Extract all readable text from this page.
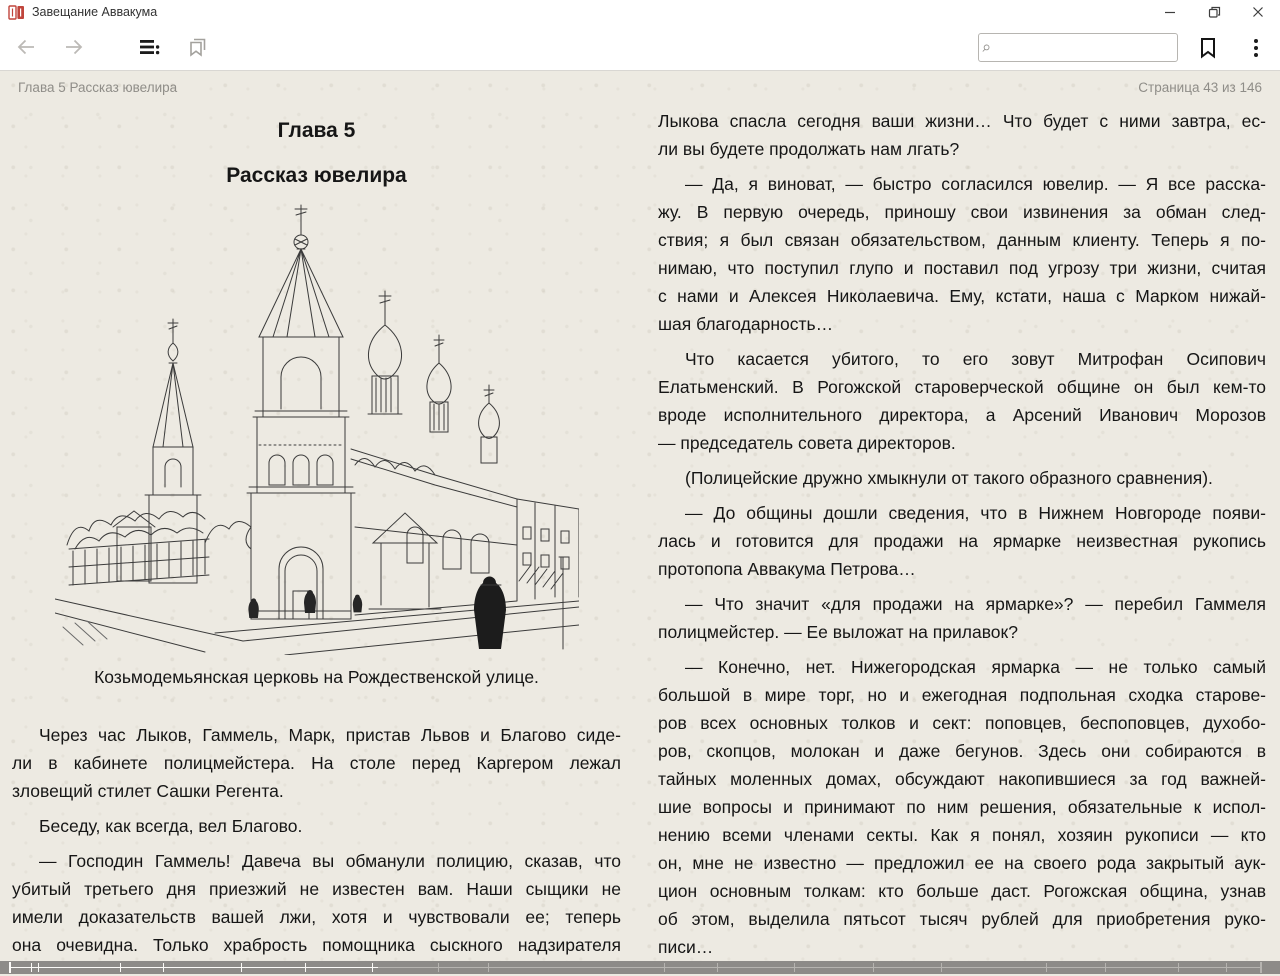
Завещание Аввакума
Глава 5 Рассказ ювелира	Страница 43 из 146
Глава 5
Рассказ ювелира
Козьмодемьянская церковь на Рождественской улице.
Через час Лыков, Гаммель, Марк, пристав Львов и Благово сиде-
ли в кабинете полицмейстера. На столе перед Каргером лежал
зловещий стилет Сашки Регента.
Беседу, как всегда, вел Благово.
— Господин Гаммель! Давеча вы обманули полицию, сказав, что
убитый третьего дня приезжий не известен вам. Наши сыщики не
имели доказательств вашей лжи, хотя и чувствовали ее; теперь
она очевидна. Только храбрость помощника сыскного надзирателя
Лыкова спасла сегодня ваши жизни… Что будет с ними завтра, ес-
ли вы будете продолжать нам лгать?
— Да, я виноват, — быстро согласился ювелир. — Я все расска-
жу. В первую очередь, приношу свои извинения за обман след-
ствия; я был связан обязательством, данным клиенту. Теперь я по-
нимаю, что поступил глупо и поставил под угрозу три жизни, считая
с нами и Алексея Николаевича. Ему, кстати, наша с Марком нижай-
шая благодарность…
Что касается убитого, то его зовут Митрофан Осипович
Елатьменский. В Рогожской староверческой общине он был кем-то
вроде исполнительного директора, а Арсений Иванович Морозов
— председатель совета директоров.
(Полицейские дружно хмыкнули от такого образного сравнения).
— До общины дошли сведения, что в Нижнем Новгороде появи-
лась и готовится для продажи на ярмарке неизвестная рукопись
протопопа Аввакума Петрова…
— Что значит «для продажи на ярмарке»? — перебил Гаммеля
полицмейстер. — Ее выложат на прилавок?
— Конечно, нет. Нижегородская ярмарка — не только самый
большой в мире торг, но и ежегодная подпольная сходка старове-
ров всех основных толков и сект: поповцев, беспоповцев, духобо-
ров, скопцов, молокан и даже бегунов. Здесь они собираются в
тайных моленных домах, обсуждают накопившиеся за год важней-
шие вопросы и принимают по ним решения, обязательные к испол-
нению всеми членами секты. Как я понял, хозяин рукописи — кто
он, мне не известно — предложил ее на своего рода закрытый аук-
цион основным толкам: кто больше даст. Рогожская община, узнав
об этом, выделила пятьсот тысяч рублей для приобретения руко-
писи…
